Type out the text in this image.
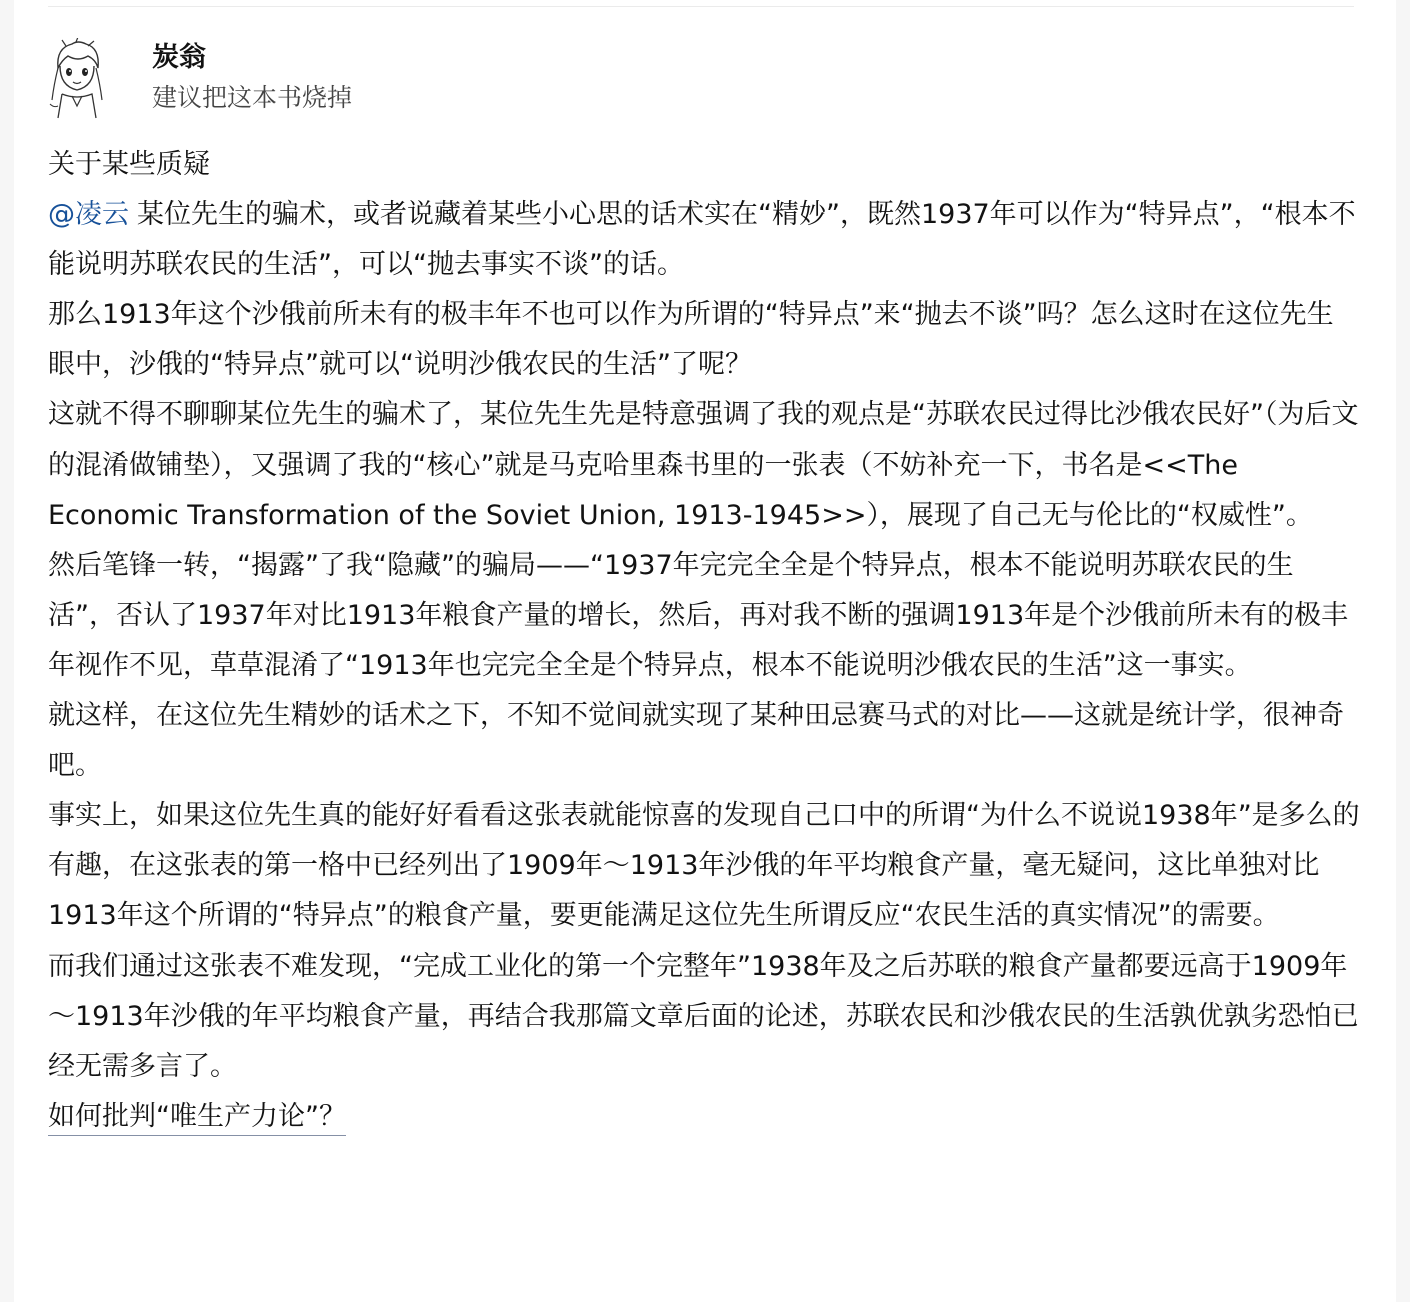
炭翁
建议把这本书烧掉

关于某些质疑

@凌云 某位先生的骗术，或者说藏着某些小心思的话术实在“精妙”，既然1937年可以作为“特异点”，“根本不能说明苏联农民的生活”，可以“抛去事实不谈”的话。

那么1913年这个沙俄前所未有的极丰年不也可以作为所谓的“特异点”来“抛去不谈”吗？怎么这时在这位先生眼中，沙俄的“特异点”就可以“说明沙俄农民的生活”了呢？

这就不得不聊聊某位先生的骗术了，某位先生先是特意强调了我的观点是“苏联农民过得比沙俄农民好”（为后文的混淆做铺垫），又强调了我的“核心”就是马克哈里森书里的一张表（不妨补充一下，书名是<<The Economic Transformation of the Soviet Union, 1913-1945>>），展现了自己无与伦比的“权威性”。

然后笔锋一转，“揭露”了我“隐藏”的骗局——“1937年完完全全是个特异点，根本不能说明苏联农民的生活”，否认了1937年对比1913年粮食产量的增长，然后，再对我不断的强调1913年是个沙俄前所未有的极丰年视作不见，草草混淆了“1913年也完完全全是个特异点，根本不能说明沙俄农民的生活”这一事实。

就这样，在这位先生精妙的话术之下，不知不觉间就实现了某种田忌赛马式的对比——这就是统计学，很神奇吧。

事实上，如果这位先生真的能好好看看这张表就能惊喜的发现自己口中的所谓“为什么不说说1938年”是多么的有趣，在这张表的第一格中已经列出了1909年～1913年沙俄的年平均粮食产量，毫无疑问，这比单独对比1913年这个所谓的“特异点”的粮食产量，要更能满足这位先生所谓反应“农民生活的真实情况”的需要。

而我们通过这张表不难发现，“完成工业化的第一个完整年”1938年及之后苏联的粮食产量都要远高于1909年～1913年沙俄的年平均粮食产量，再结合我那篇文章后面的论述，苏联农民和沙俄农民的生活孰优孰劣恐怕已经无需多言了。

如何批判“唯生产力论”？
